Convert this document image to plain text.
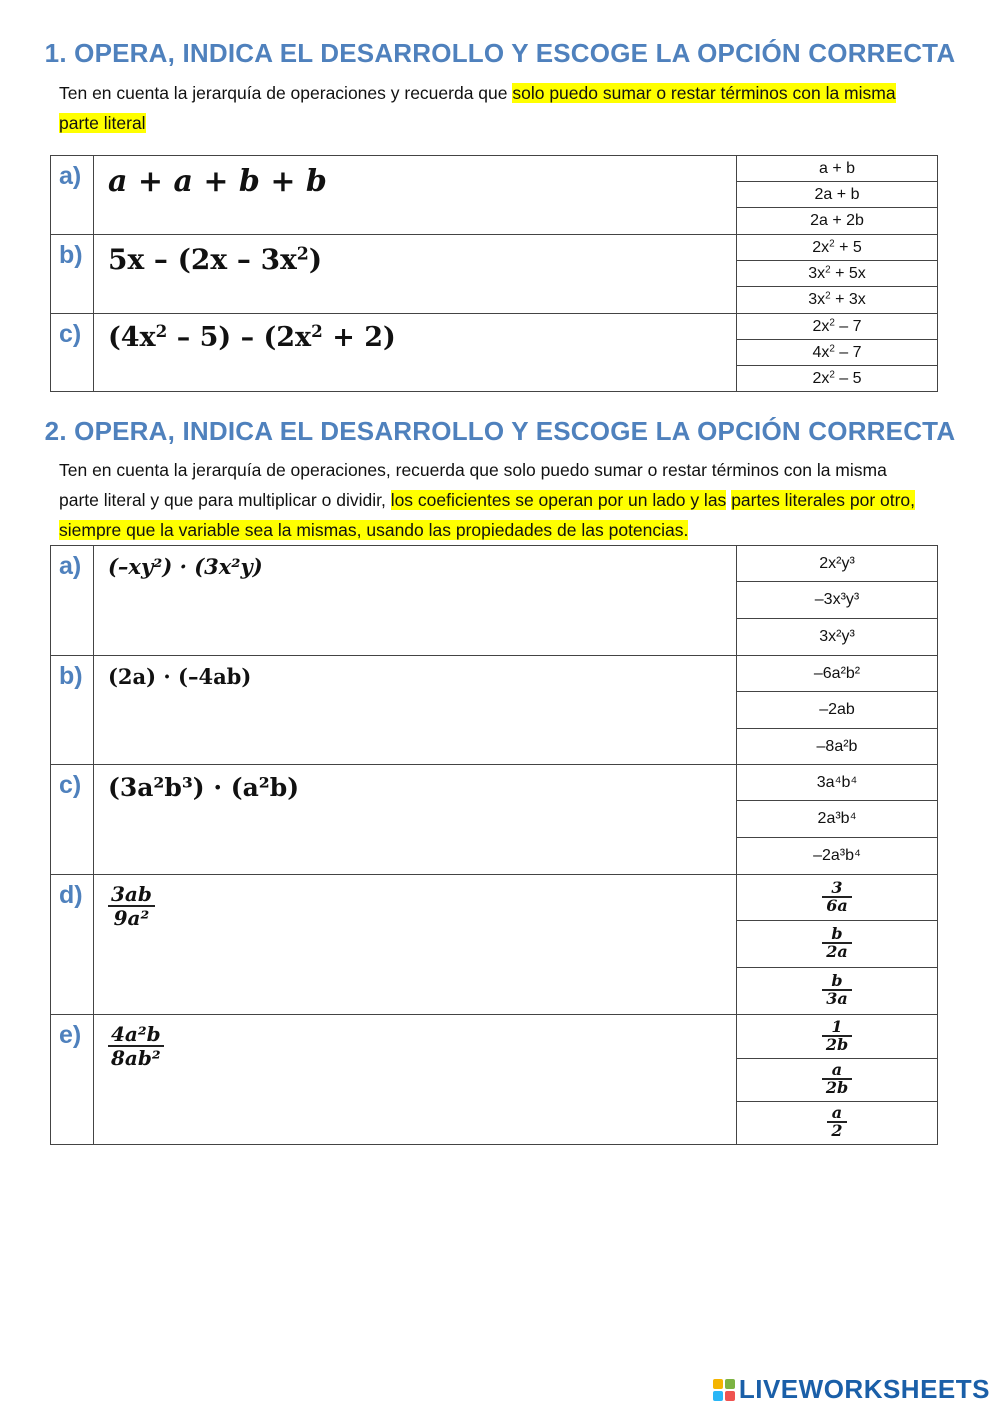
1. OPERA, INDICA EL DESARROLLO Y ESCOGE LA OPCIÓN CORRECTA

Ten en cuenta la jerarquía de operaciones y recuerda que solo puedo sumar o restar términos con la misma parte literal

a)	a + a + b + b	a + b
		2a + b
		2a + 2b
b)	$5x - (2x - 3x^2)$	$2x^2 + 5$
		$3x^2 + 5x$
		$3x^2 + 3x$
c)	$(4x^2 - 5) - (2x^2 + 2)$	$2x^2 - 7$
		$4x^2 - 7$
		$2x^2 - 5$
2. OPERA, INDICA EL DESARROLLO Y ESCOGE LA OPCIÓN CORRECTA

Ten en cuenta la jerarquía de operaciones, recuerda que solo puedo sumar o restar términos con la misma parte literal y que para multiplicar o dividir, los coeficientes se operan por un lado y las partes literales por otro, siempre que la variable sea la mismas, usando las propiedades de las potencias.

a)	(–xy²) · (3x²y)	2x²y³
		–3x³y³
		3x²y³
b)	(2a) · (–4ab)	–6a²b²
		–2ab
		–8a²b
c)	(3a²b³) · (a²b)	3a⁴b⁴
		2a³b⁴
		–2a³b⁴
d)	$\frac{3ab}{\text{9a²}}$	$\frac{3}{6a}$

		$\frac{b}{2a}$

		$\frac{b}{3a}$

e)	$\frac{\text{4a²b}}{\text{8ab²}}$	$\frac{1}{2b}$

		$\frac{a}{2b}$

		$\frac{a}{2}$
LIVEWORKSHEETS
